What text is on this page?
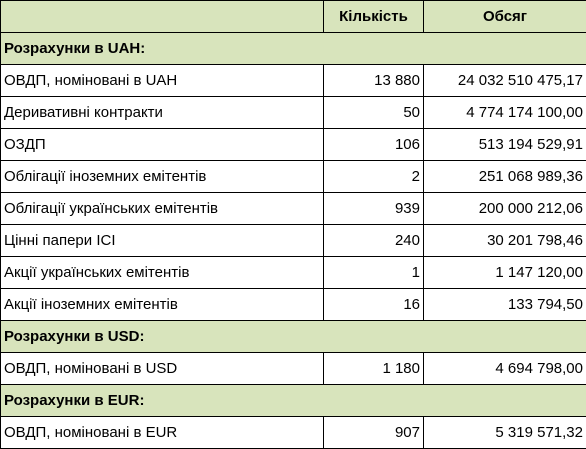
	Кількість	Обсяг
Розрахунки в UAH:		
ОВДП, номіновані в UAH	13 880	24 032 510 475,17
Деривативні контракти	50	4 774 174 100,00
ОЗДП	106	513 194 529,91
Облігації іноземних емітентів	2	251 068 989,36
Облігації українських емітентів	939	200 000 212,06
Цінні папери ІСІ	240	30 201 798,46
Акції українських емітентів	1	1 147 120,00
Акції іноземних емітентів	16	133 794,50
Розрахунки в USD:		
ОВДП, номіновані в USD	1 180	4 694 798,00
Розрахунки в EUR:		
ОВДП, номіновані в EUR	907	5 319 571,32
